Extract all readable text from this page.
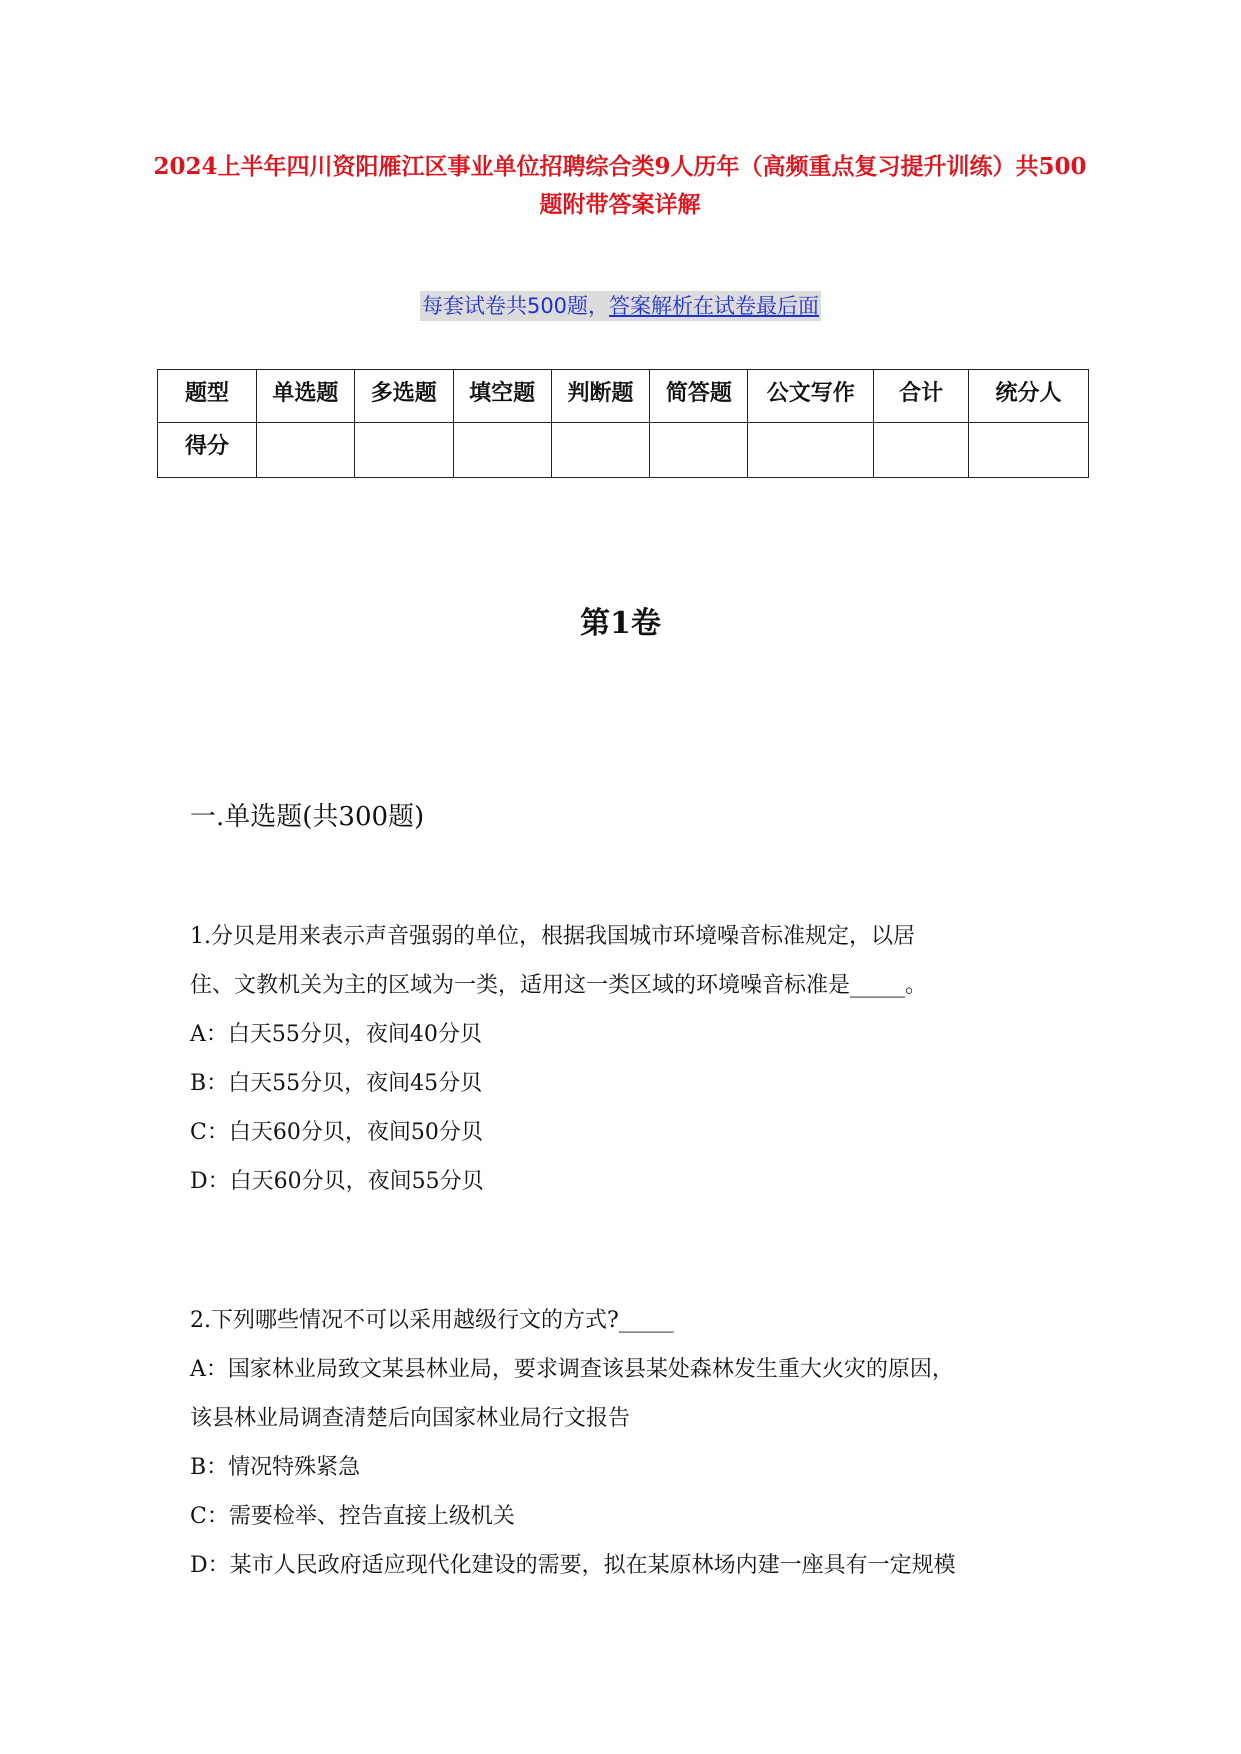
2024上半年四川资阳雁江区事业单位招聘综合类9人历年（高频重点复习提升训练）共500题附带答案详解
每套试卷共500题，答案解析在试卷最后面
题型	单选题	多选题	填空题	判断题	简答题	公文写作	合计	统分人
得分								
第1卷
一.单选题(共300题)
1.分贝是用来表示声音强弱的单位，根据我国城市环境噪音标准规定，以居
住、文教机关为主的区域为一类，适用这一类区域的环境噪音标准是_____。
A：白天55分贝，夜间40分贝
B：白天55分贝，夜间45分贝
C：白天60分贝，夜间50分贝
D：白天60分贝，夜间55分贝
2.下列哪些情况不可以采用越级行文的方式?_____
A：国家林业局致文某县林业局，要求调查该县某处森林发生重大火灾的原因，
该县林业局调查清楚后向国家林业局行文报告
B：情况特殊紧急
C：需要检举、控告直接上级机关
D：某市人民政府适应现代化建设的需要，拟在某原林场内建一座具有一定规模
